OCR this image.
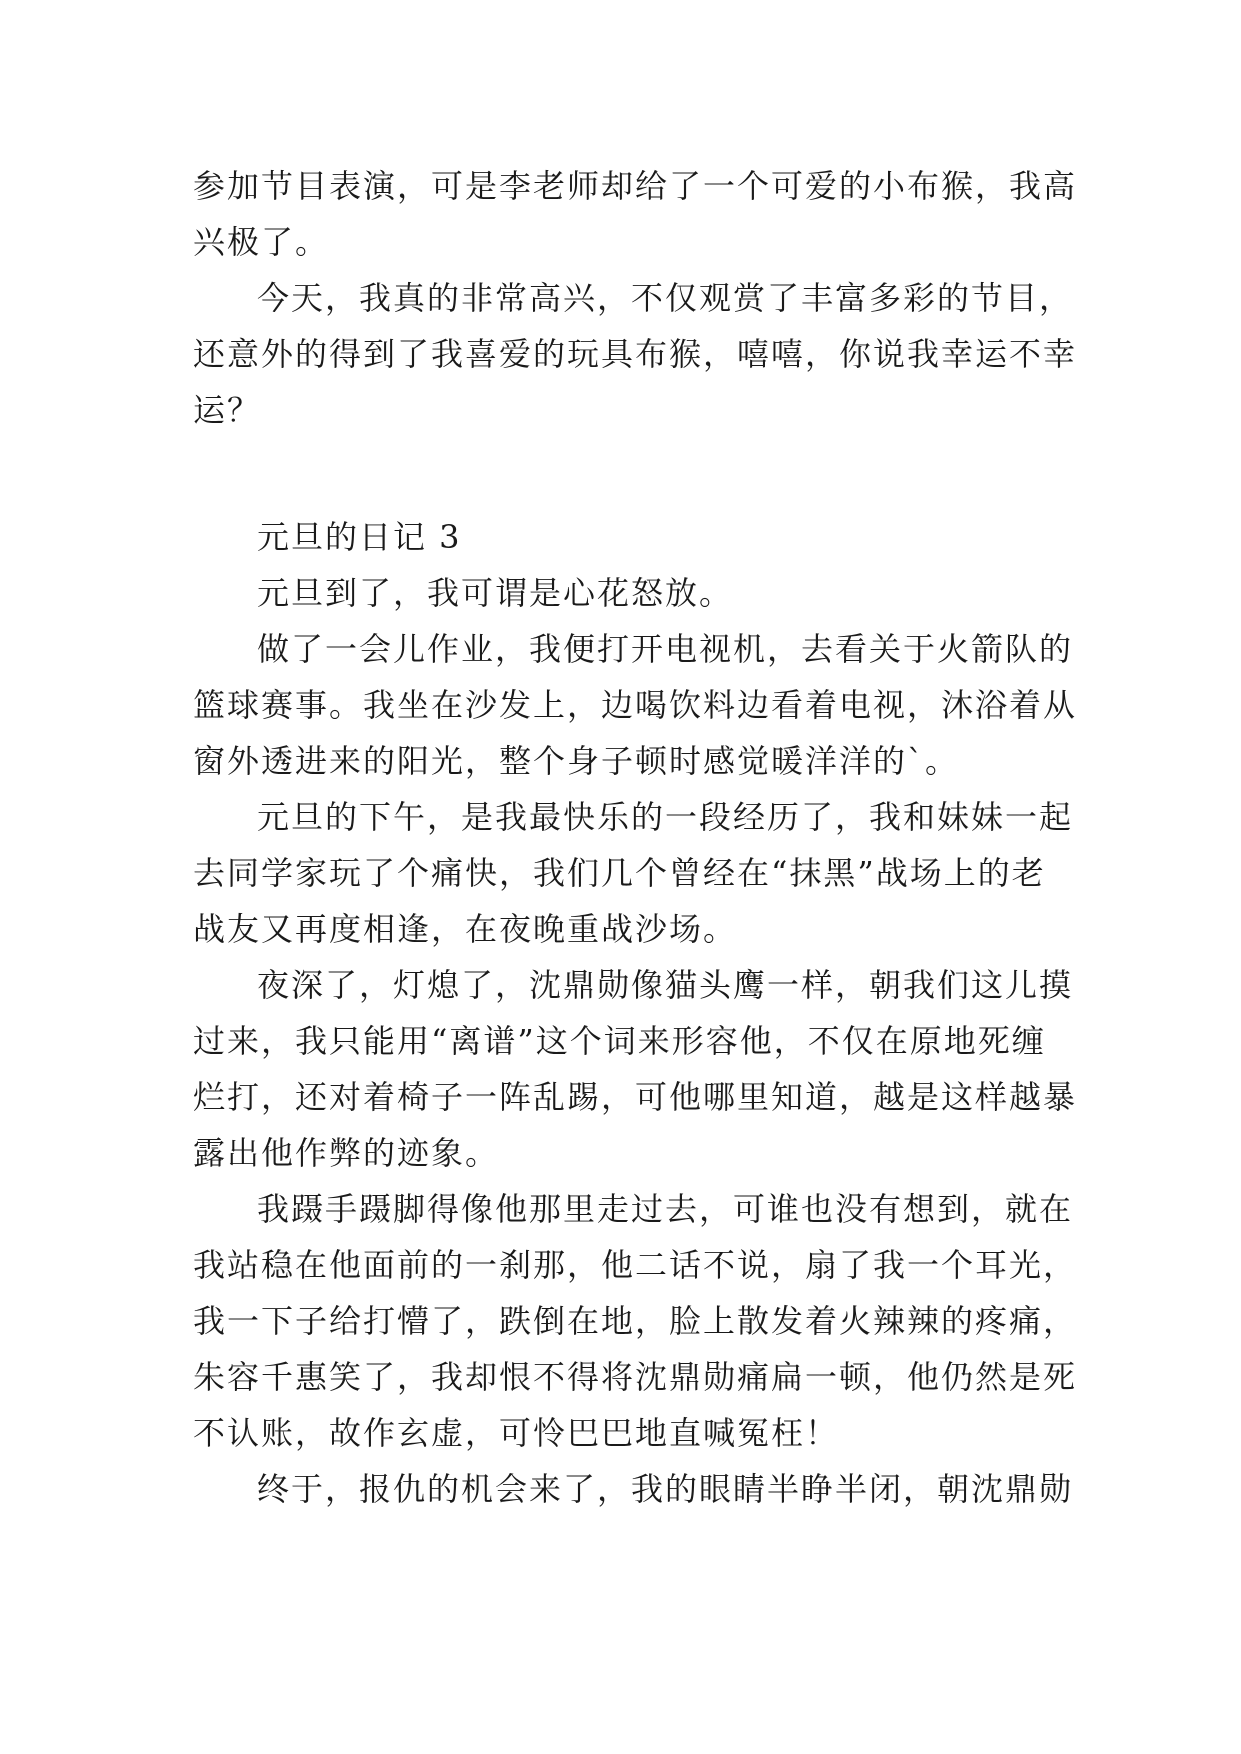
参加节目表演，可是李老师却给了一个可爱的小布猴，我高
兴极了。
今天，我真的非常高兴，不仅观赏了丰富多彩的节目，
还意外的得到了我喜爱的玩具布猴，嘻嘻，你说我幸运不幸
运？
元旦的日记 3
元旦到了，我可谓是心花怒放。
做了一会儿作业，我便打开电视机，去看关于火箭队的
篮球赛事。我坐在沙发上，边喝饮料边看着电视，沐浴着从
窗外透进来的阳光，整个身子顿时感觉暖洋洋的`。
元旦的下午，是我最快乐的一段经历了，我和妹妹一起
去同学家玩了个痛快，我们几个曾经在“抹黑”战场上的老
战友又再度相逢，在夜晚重战沙场。
夜深了，灯熄了，沈鼎勋像猫头鹰一样，朝我们这儿摸
过来，我只能用“离谱”这个词来形容他，不仅在原地死缠
烂打，还对着椅子一阵乱踢，可他哪里知道，越是这样越暴
露出他作弊的迹象。
我蹑手蹑脚得像他那里走过去，可谁也没有想到，就在
我站稳在他面前的一刹那，他二话不说，扇了我一个耳光，
我一下子给打懵了，跌倒在地，脸上散发着火辣辣的疼痛，
朱容千惠笑了，我却恨不得将沈鼎勋痛扁一顿，他仍然是死
不认账，故作玄虚，可怜巴巴地直喊冤枉！
终于，报仇的机会来了，我的眼睛半睁半闭，朝沈鼎勋
